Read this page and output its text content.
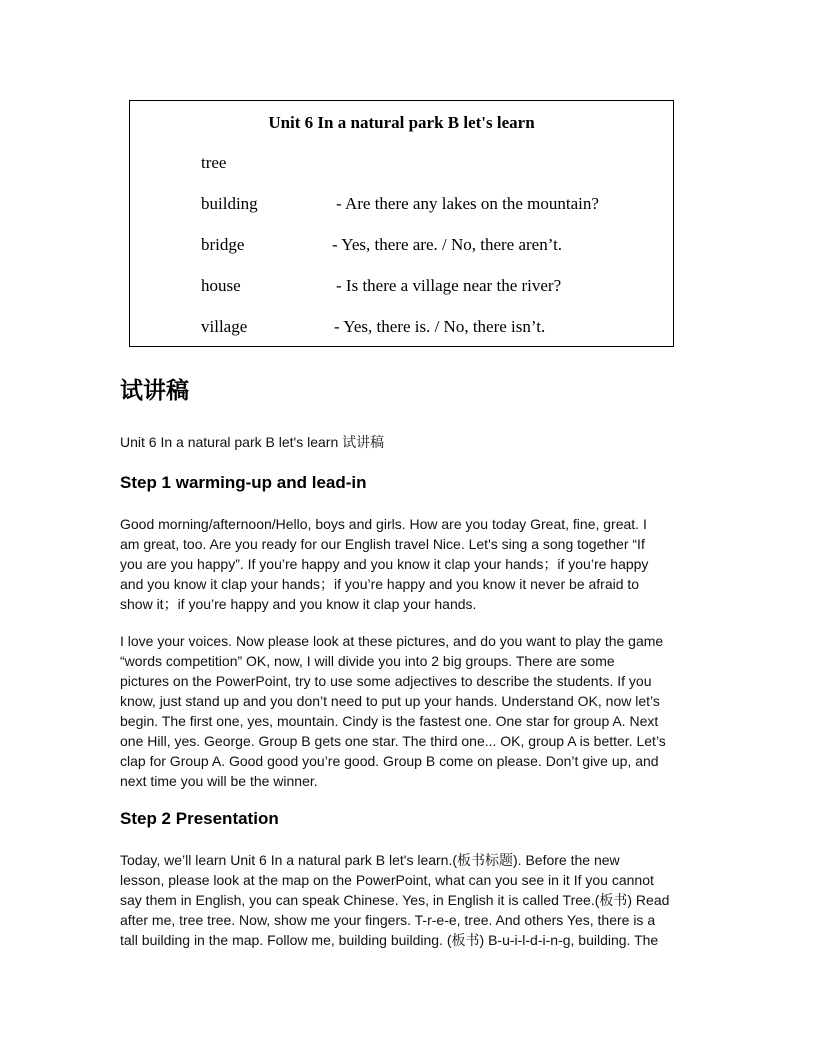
Unit 6 In a natural park B let's learn
tree
building	- Are there any lakes on the mountain?
bridge	- Yes, there are. / No, there aren’t.
house	- Is there a village near the river?
village	- Yes, there is. / No, there isn’t.
试讲稿
Unit 6 In a natural park B let's learn 试讲稿
Step 1 warming-up and lead-in

Good morning/afternoon/Hello, boys and girls. How are you today Great, fine, great. I
am great, too. Are you ready for our English travel Nice. Let's sing a song together “If
you are you happy”. If you’re happy and you know it clap your hands；if you’re happy
and you know it clap your hands；if you’re happy and you know it never be afraid to
show it；if you’re happy and you know it clap your hands.

I love your voices. Now please look at these pictures, and do you want to play the game
“words competition” OK, now, I will divide you into 2 big groups. There are some
pictures on the PowerPoint, try to use some adjectives to describe the students. If you
know, just stand up and you don’t need to put up your hands. Understand OK, now let’s
begin. The first one, yes, mountain. Cindy is the fastest one. One star for group A. Next
one Hill, yes. George. Group B gets one star. The third one... OK, group A is better. Let’s
clap for Group A. Good good you’re good. Group B come on please. Don’t give up, and
next time you will be the winner.

Step 2 Presentation

Today, we’ll learn Unit 6 In a natural park B let's learn.(板书标题). Before the new
lesson, please look at the map on the PowerPoint, what can you see in it If you cannot
say them in English, you can speak Chinese. Yes, in English it is called Tree.(板书) Read
after me, tree tree. Now, show me your fingers. T-r-e-e, tree. And others Yes, there is a
tall building in the map. Follow me, building building. (板书) B-u-i-l-d-i-n-g, building. The
